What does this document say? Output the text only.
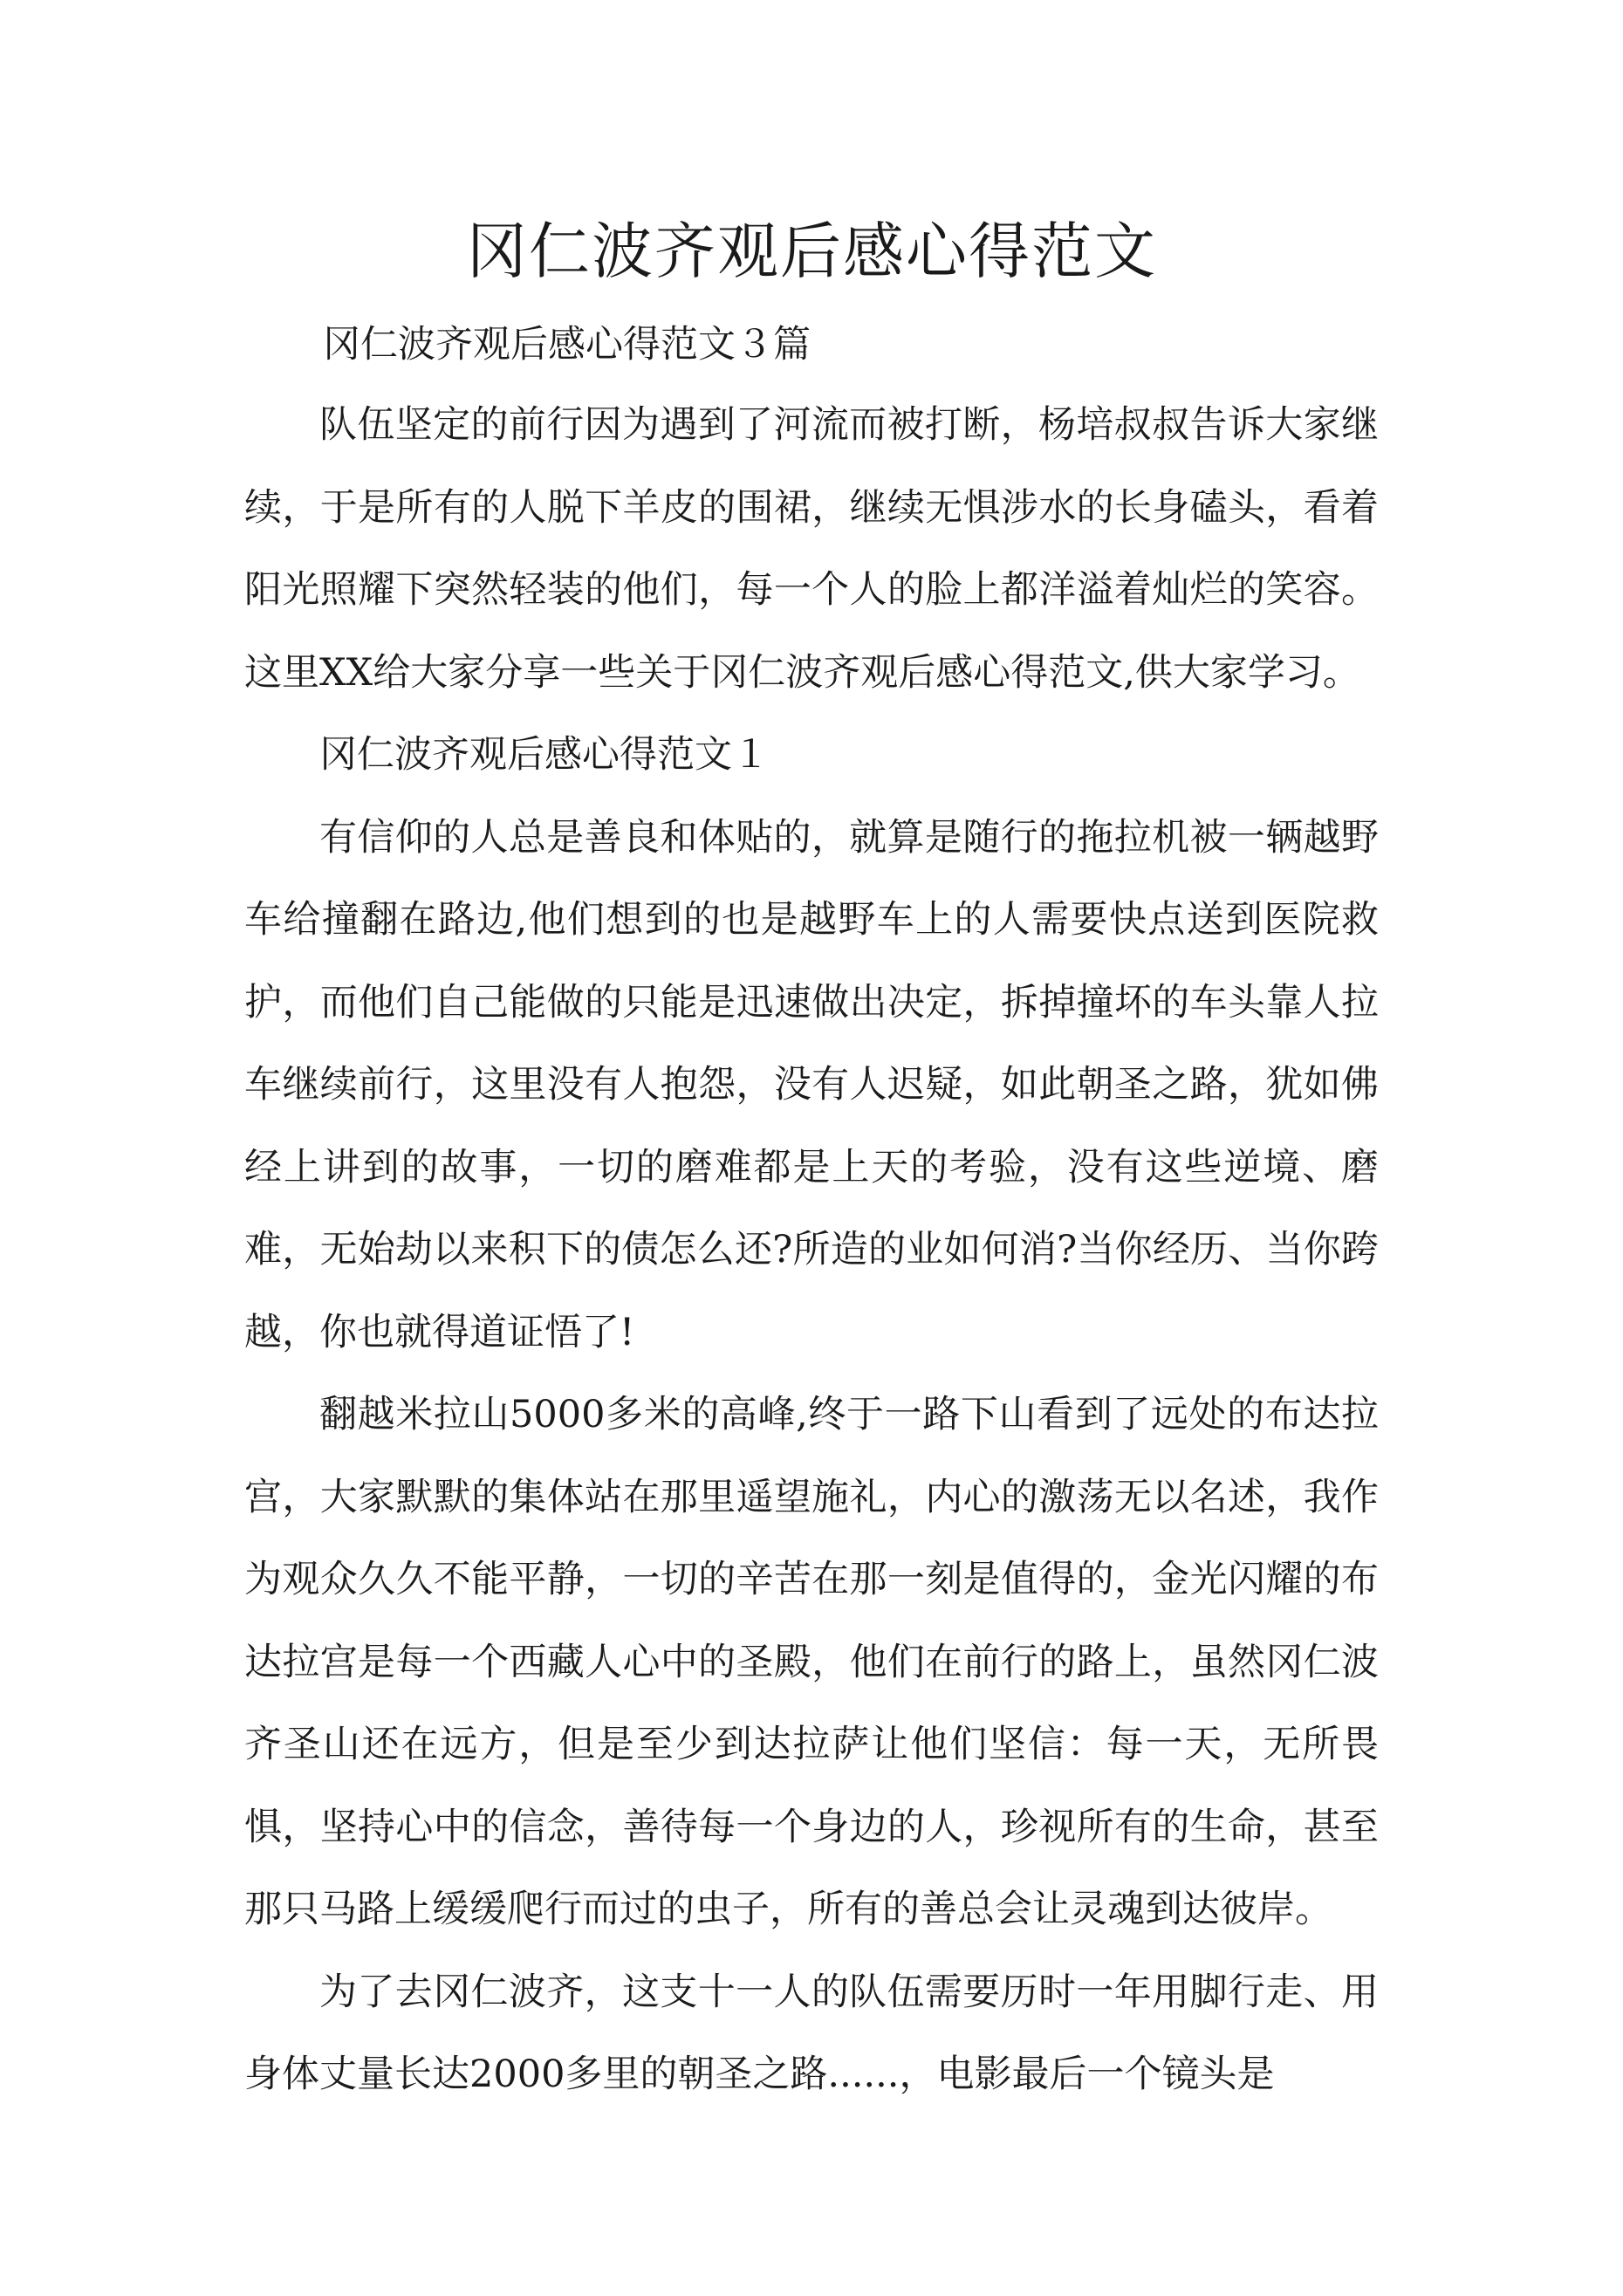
冈仁波齐观后感心得范文

冈仁波齐观后感心得范文３篇

队伍坚定的前行因为遇到了河流而被打断，杨培叔叔告诉大家继续，于是所有的人脱下羊皮的围裙，继续无惧涉水的长身磕头，看着阳光照耀下突然轻装的他们，每一个人的脸上都洋溢着灿烂的笑容。这里XX给大家分享一些关于冈仁波齐观后感心得范文,供大家学习。

冈仁波齐观后感心得范文１

有信仰的人总是善良和体贴的，就算是随行的拖拉机被一辆越野车给撞翻在路边,他们想到的也是越野车上的人需要快点送到医院救护，而他们自己能做的只能是迅速做出决定，拆掉撞坏的车头靠人拉车继续前行，这里没有人抱怨，没有人迟疑，如此朝圣之路，犹如佛经上讲到的故事，一切的磨难都是上天的考验，没有这些逆境、磨难，无始劫以来积下的债怎么还?所造的业如何消?当你经历、当你跨越，你也就得道证悟了!

翻越米拉山5000多米的高峰,终于一路下山看到了远处的布达拉宫，大家默默的集体站在那里遥望施礼，内心的激荡无以名述，我作为观众久久不能平静，一切的辛苦在那一刻是值得的，金光闪耀的布达拉宫是每一个西藏人心中的圣殿，他们在前行的路上，虽然冈仁波齐圣山还在远方，但是至少到达拉萨让他们坚信：每一天，无所畏惧，坚持心中的信念，善待每一个身边的人，珍视所有的生命，甚至那只马路上缓缓爬行而过的虫子，所有的善总会让灵魂到达彼岸。

为了去冈仁波齐，这支十一人的队伍需要历时一年用脚行走、用身体丈量长达2000多里的朝圣之路......，电影最后一个镜头是
